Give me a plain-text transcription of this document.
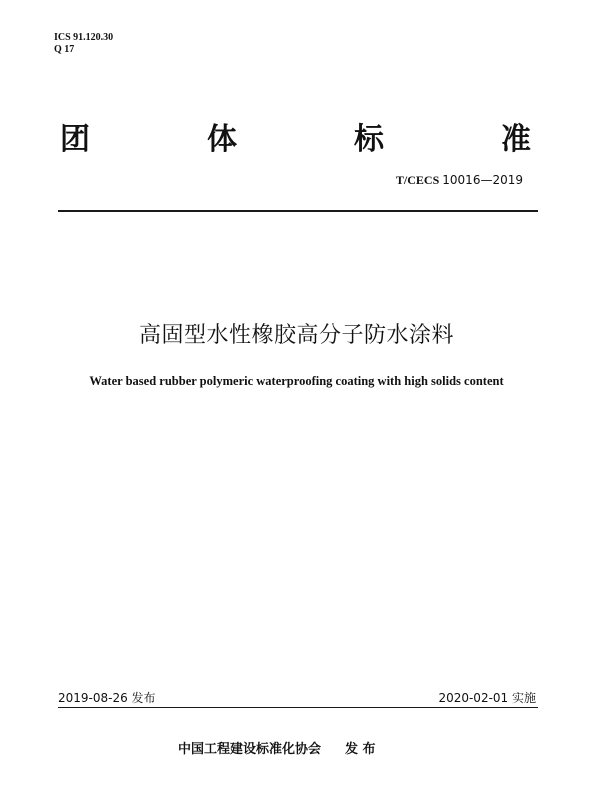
ICS 91.120.30
Q 17
团	体	标	准
T/CECS 10016—2019
高固型水性橡胶高分子防水涂料
Water based rubber polymeric waterproofing coating with high solids content
2019-08-26 发布	2020-02-01 实施
中国工程建设标准化协会 发 布
